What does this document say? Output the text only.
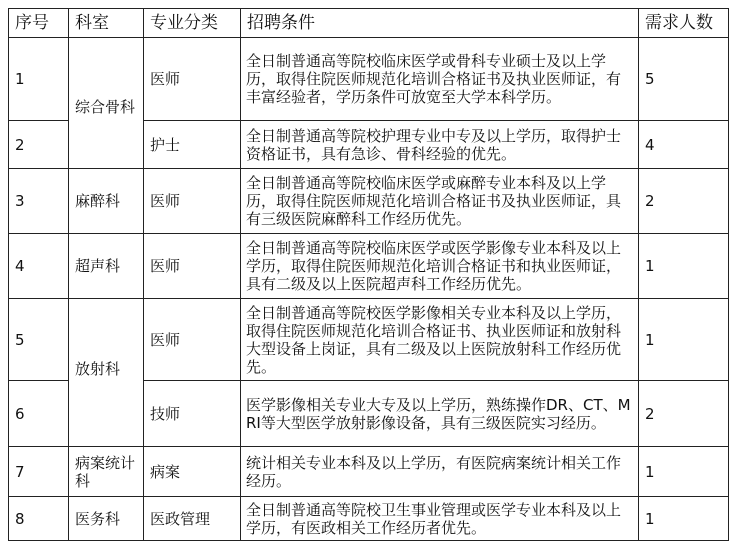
序号	科室	专业分类	招聘条件	需求人数
1	综合骨科	医师	全日制普通高等院校临床医学或骨科专业硕士及以上学历，取得住院医师规范化培训合格证书及执业医师证，有丰富经验者，学历条件可放宽至大学本科学历。	5
2		护士	全日制普通高等院校护理专业中专及以上学历，取得护士资格证书，具有急诊、骨科经验的优先。	4
3	麻醉科	医师	全日制普通高等院校临床医学或麻醉专业本科及以上学历，取得住院医师规范化培训合格证书及执业医师证，具有三级医院麻醉科工作经历优先。	2
4	超声科	医师	全日制普通高等院校临床医学或医学影像专业本科及以上学历，取得住院医师规范化培训合格证书和执业医师证，具有二级及以上医院超声科工作经历优先。	1
5	放射科	医师	全日制普通高等院校医学影像相关专业本科及以上学历，取得住院医师规范化培训合格证书、执业医师证和放射科大型设备上岗证，具有二级及以上医院放射科工作经历优先。	1
6		技师	医学影像相关专业大专及以上学历，熟练操作DR、CT、MRI等大型医学放射影像设备，具有三级医院实习经历。	2
7	病案统计科	病案	统计相关专业本科及以上学历，有医院病案统计相关工作经历。	1
8	医务科	医政管理	全日制普通高等院校卫生事业管理或医学专业本科及以上学历，有医政相关工作经历者优先。	1
